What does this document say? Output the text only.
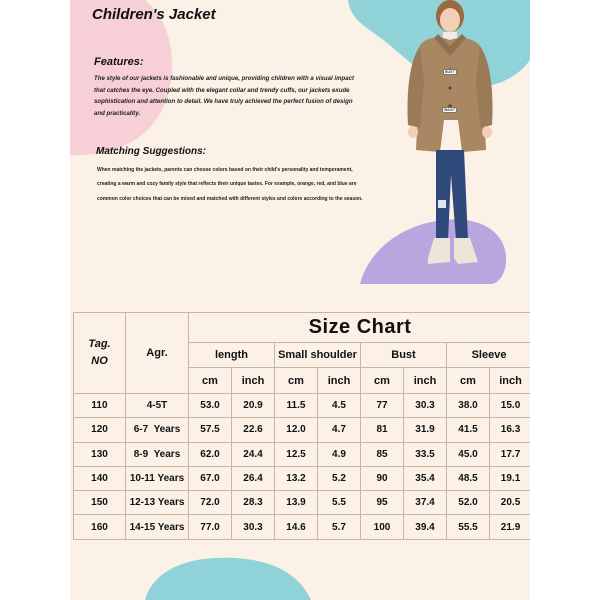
BUST
WAIST
Children's Jacket
Features:

The style of our jackets is fashionable and unique, providing children with a visual impact that catches the eye. Coupled with the elegant collar and trendy cuffs, our jackets exude sophistication and attention to detail. We have truly achieved the perfect fusion of design and practicality.

Matching Suggestions:

When matching the jackets, parents can choose colors based on their child's personality and temperament, creating a warm and cozy family style that reflects their unique tastes. For example, orange, red, and blue are common color choices that can be mixed and matched with different styles and colors according to the season.

Tag.
NO	Agr.	Size Chart							
		length		Small shoulder		Bust		Sleeve	
		cm	inch	cm	inch	cm	inch	cm	inch
110	4-5T	53.0	20.9	11.5	4.5	77	30.3	38.0	15.0
120	6-7  Years	57.5	22.6	12.0	4.7	81	31.9	41.5	16.3
130	8-9  Years	62.0	24.4	12.5	4.9	85	33.5	45.0	17.7
140	10-11 Years	67.0	26.4	13.2	5.2	90	35.4	48.5	19.1
150	12-13 Years	72.0	28.3	13.9	5.5	95	37.4	52.0	20.5
160	14-15 Years	77.0	30.3	14.6	5.7	100	39.4	55.5	21.9
